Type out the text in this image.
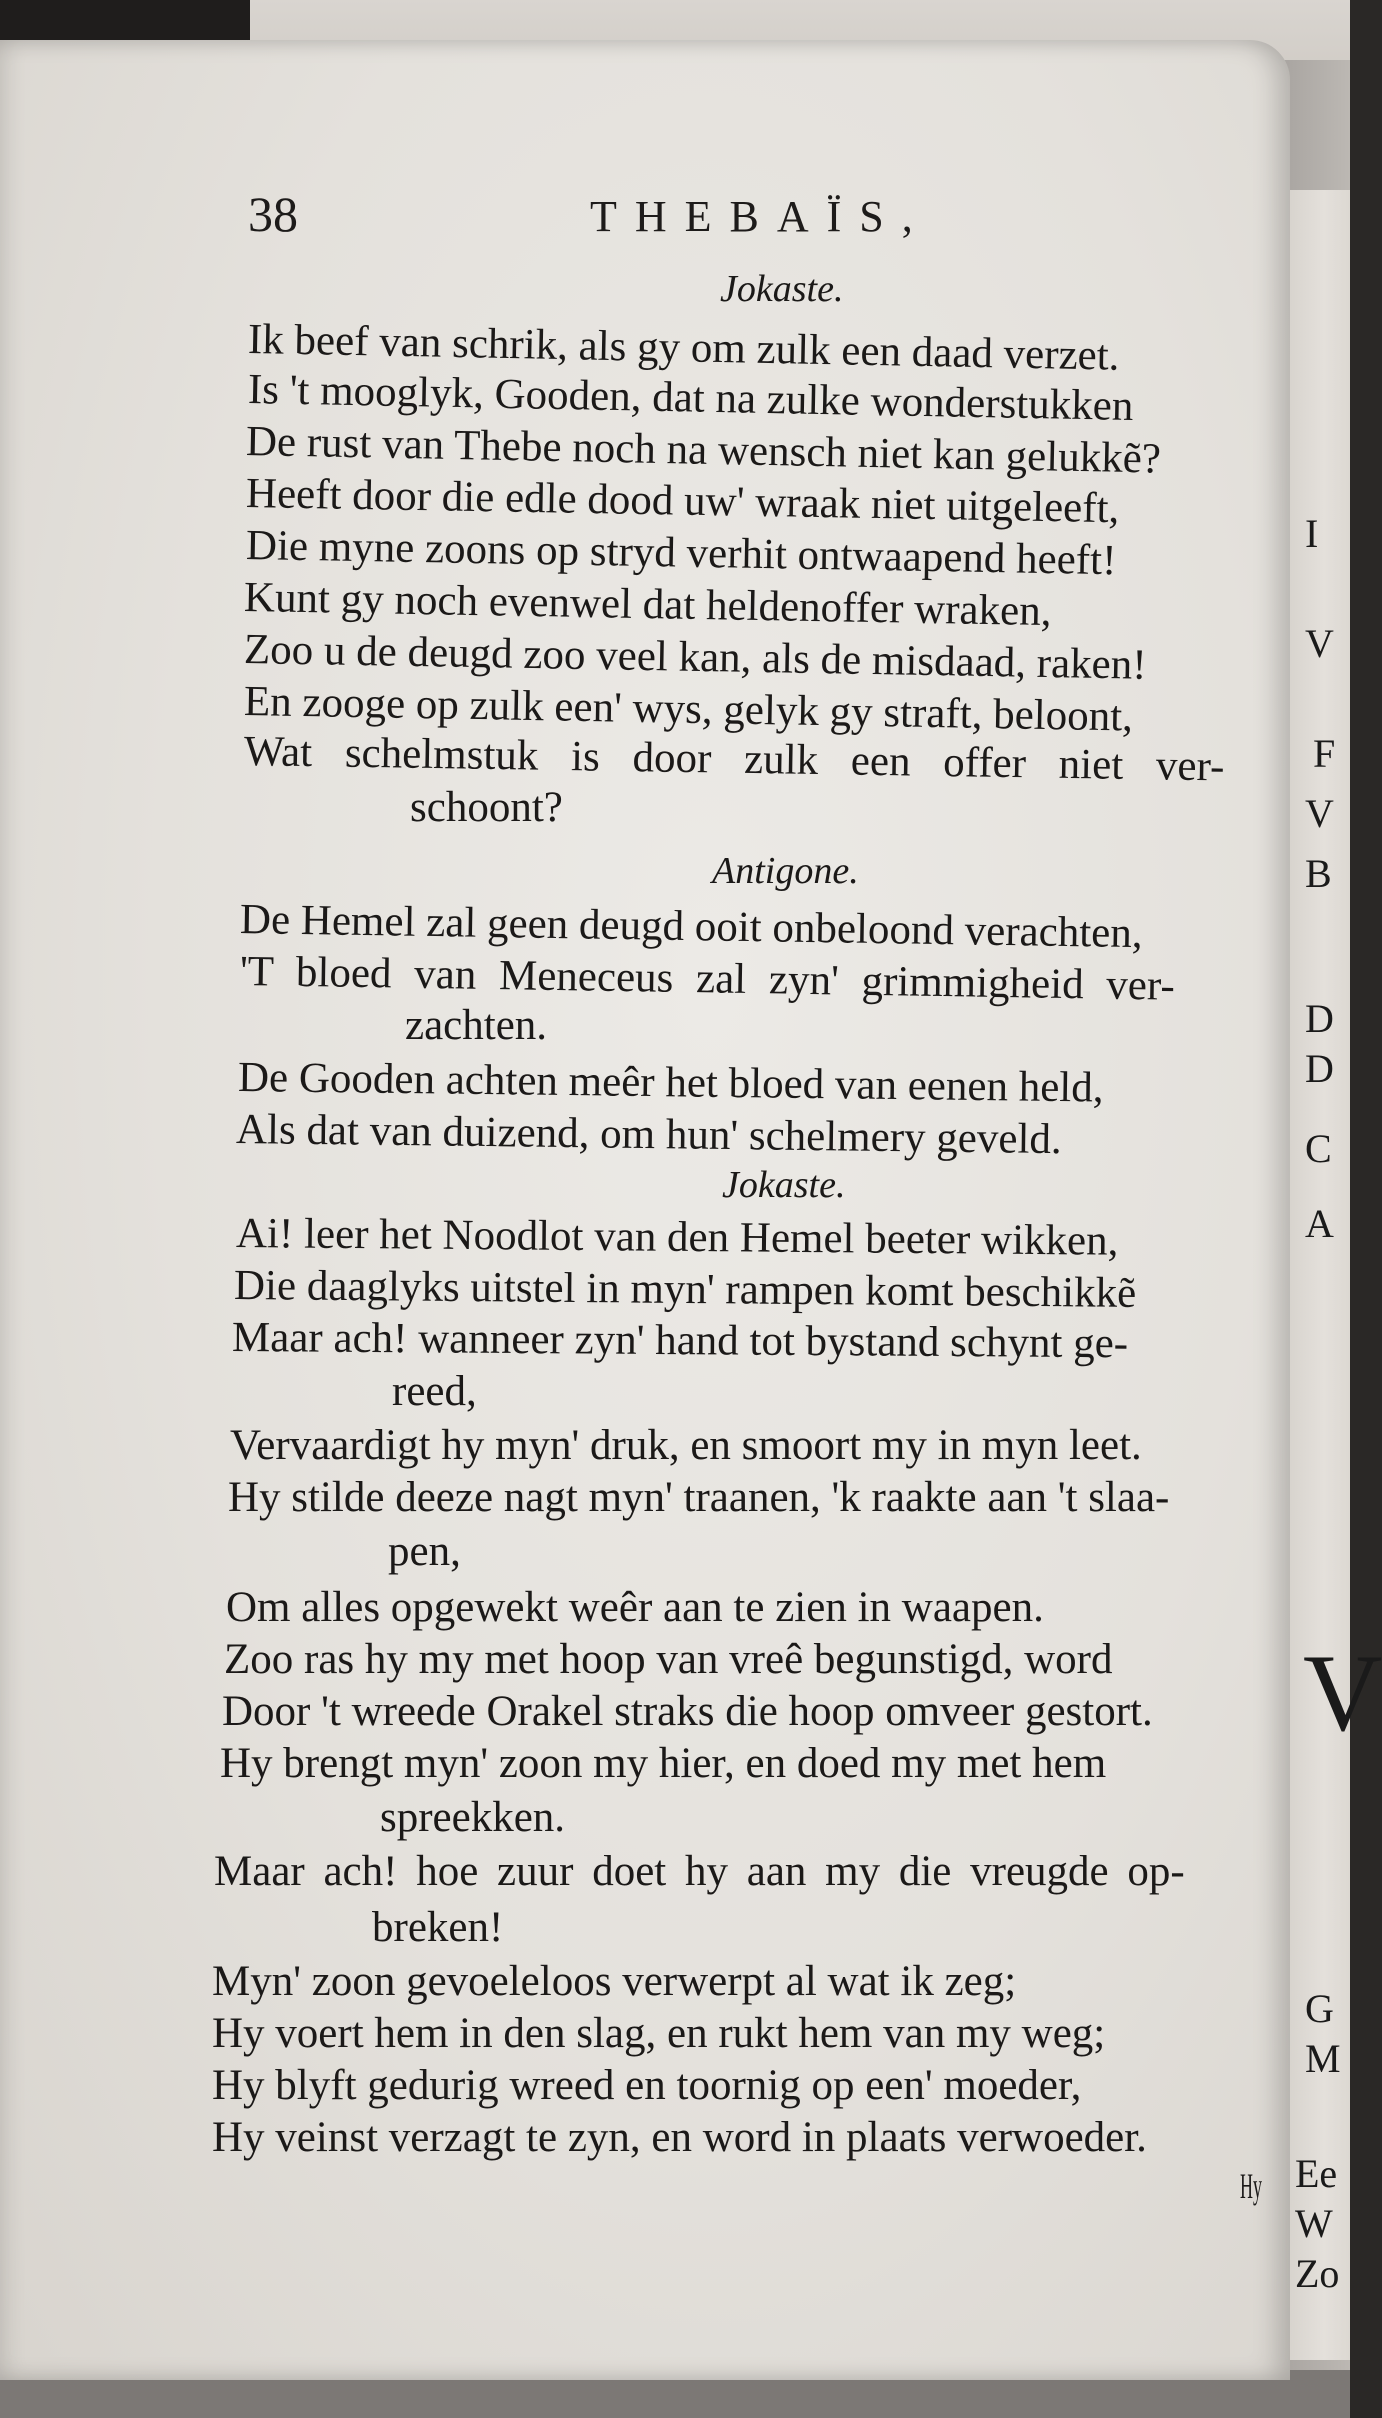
I
V
F
V
B
D
D
C
A
V
G
M
Ee
W
Zo
38	THEBAÏS,
Jokaste.
Ik beef van schrik, als gy om zulk een daad verzet.
Is 't mooglyk, Gooden, dat na zulke wonderstukken
De rust van Thebe noch na wensch niet kan gelukkẽ?
Heeft door die edle dood uw' wraak niet uitgeleeft,
Die myne zoons op stryd verhit ontwaapend heeft!
Kunt gy noch evenwel dat heldenoffer wraken,
Zoo u de deugd zoo veel kan, als de misdaad, raken!
En zooge op zulk een' wys, gelyk gy straft, beloont,
Wat schelmstuk is door zulk een offer niet ver-
schoont?
Antigone.
De Hemel zal geen deugd ooit onbeloond verachten,
'T bloed van Meneceus zal zyn' grimmigheid ver-
zachten.
De Gooden achten meêr het bloed van eenen held,
Als dat van duizend, om hun' schelmery geveld.
Jokaste.
Ai! leer het Noodlot van den Hemel beeter wikken,
Die daaglyks uitstel in myn' rampen komt beschikkẽ
Maar ach! wanneer zyn' hand tot bystand schynt ge-
reed,
Vervaardigt hy myn' druk, en smoort my in myn leet.
Hy stilde deeze nagt myn' traanen, 'k raakte aan 't slaa-
pen,
Om alles opgewekt weêr aan te zien in waapen.
Zoo ras hy my met hoop van vreê begunstigd, word
Door 't wreede Orakel straks die hoop omveer gestort.
Hy brengt myn' zoon my hier, en doed my met hem
spreekken.
Maar ach! hoe zuur doet hy aan my die vreugde op-
breken!
Myn' zoon gevoeleloos verwerpt al wat ik zeg;
Hy voert hem in den slag, en rukt hem van my weg;
Hy blyft gedurig wreed en toornig op een' moeder,
Hy veinst verzagt te zyn, en word in plaats verwoeder.
Hy
